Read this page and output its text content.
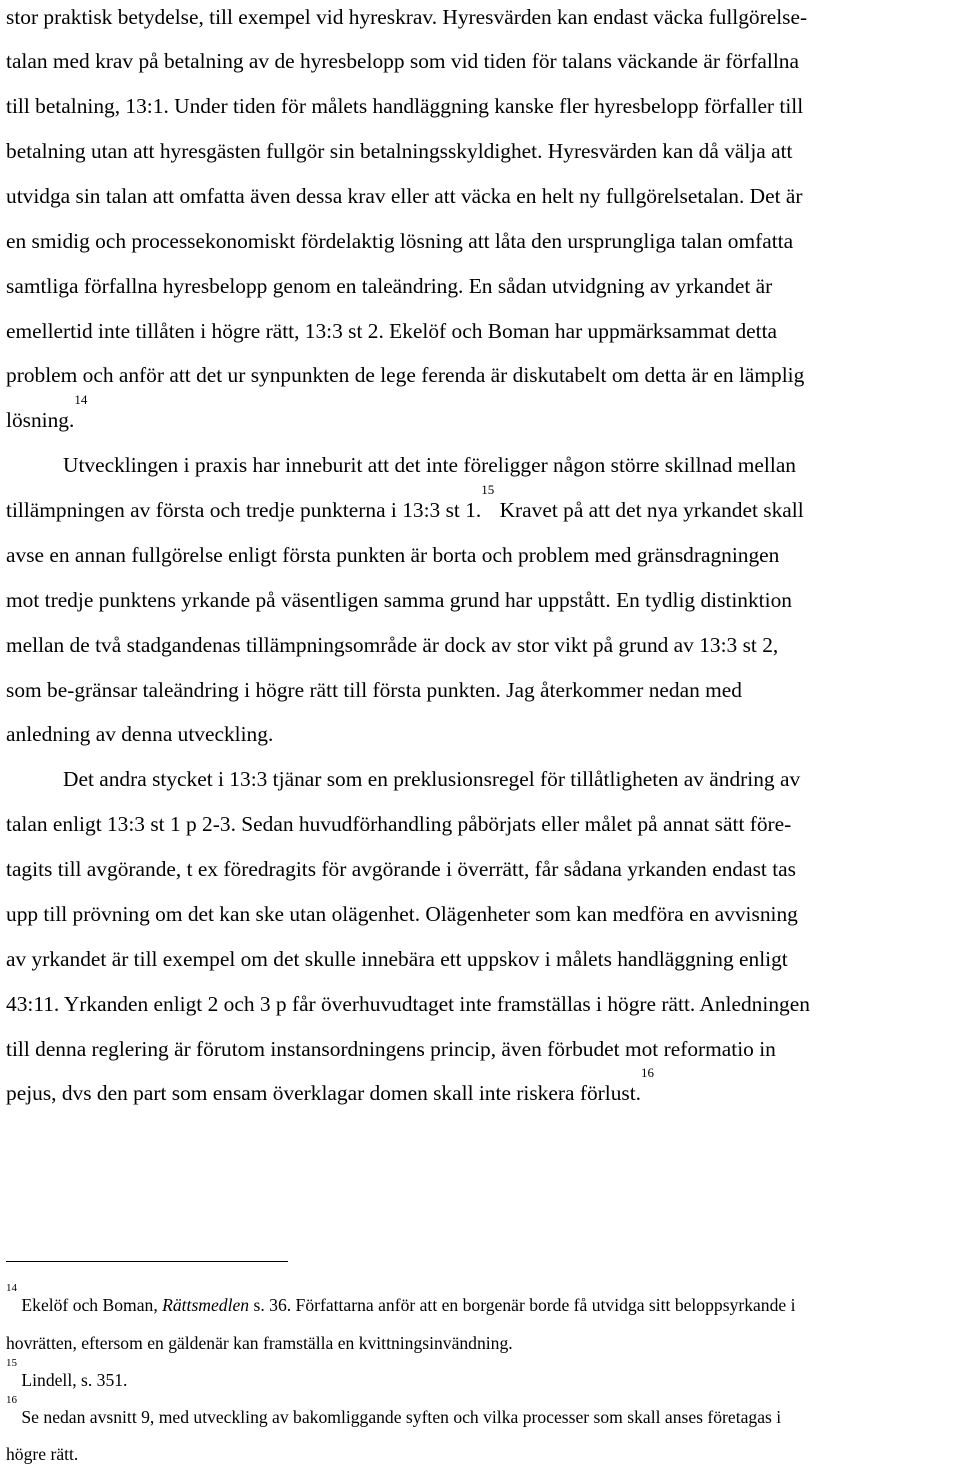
stor praktisk betydelse, till exempel vid hyreskrav. Hyresvärden kan endast väcka fullgörelse-
talan med krav på betalning av de hyresbelopp som vid tiden för talans väckande är förfallna
till betalning, 13:1. Under tiden för målets handläggning kanske fler hyresbelopp förfaller till
betalning utan att hyresgästen fullgör sin betalningsskyldighet. Hyresvärden kan då välja att
utvidga sin talan att omfatta även dessa krav eller att väcka en helt ny fullgörelsetalan. Det är
en smidig och processekonomiskt fördelaktig lösning att låta den ursprungliga talan omfatta
samtliga förfallna hyresbelopp genom en taleändring. En sådan utvidgning av yrkandet är
emellertid inte tillåten i högre rätt, 13:3 st 2. Ekelöf och Boman har uppmärksammat detta
problem och anför att det ur synpunkten de lege ferenda är diskutabelt om detta är en lämplig
lösning.$^{14}$
Utvecklingen i praxis har inneburit att det inte föreligger någon större skillnad mellan
tillämpningen av första och tredje punkterna i 13:3 st 1.15 Kravet på att det nya yrkandet skall
avse en annan fullgörelse enligt första punkten är borta och problem med gränsdragningen
mot tredje punktens yrkande på väsentligen samma grund har uppstått. En tydlig distinktion
mellan de två stadgandenas tillämpningsområde är dock av stor vikt på grund av 13:3 st 2,
som be-gränsar taleändring i högre rätt till första punkten. Jag återkommer nedan med
anledning av denna utveckling.
Det andra stycket i 13:3 tjänar som en preklusionsregel för tillåtligheten av ändring av
talan enligt 13:3 st 1 p 2-3. Sedan huvudförhandling påbörjats eller målet på annat sätt före-
tagits till avgörande, t ex föredragits för avgörande i överrätt, får sådana yrkanden endast tas
upp till prövning om det kan ske utan olägenhet. Olägenheter som kan medföra en avvisning
av yrkandet är till exempel om det skulle innebära ett uppskov i målets handläggning enligt
43:11. Yrkanden enligt 2 och 3 p får överhuvudtaget inte framställas i högre rätt. Anledningen
till denna reglering är förutom instansordningens princip, även förbudet mot reformatio in
pejus, dvs den part som ensam överklagar domen skall inte riskera förlust.$^{16}$
$^{14}$ Ekelöf och Boman, Rättsmedlen s. 36. Författarna anför att en borgenär borde få utvidga sitt beloppsyrkande i
hovrätten, eftersom en gäldenär kan framställa en kvittningsinvändning.
$^{15}$ Lindell, s. 351.
$^{16}$ Se nedan avsnitt 9, med utveckling av bakomliggande syften och vilka processer som skall anses företagas i
högre rätt.
